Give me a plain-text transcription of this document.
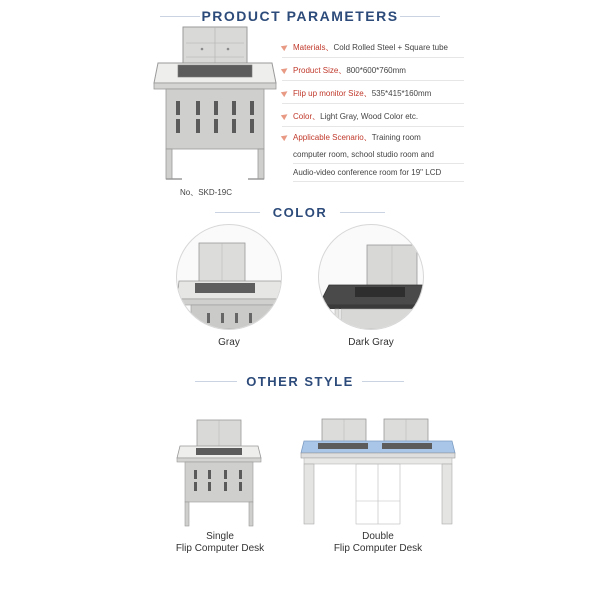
PRODUCT PARAMETERS
No、SKD-19C
Materials、Cold Rolled Steel + Square tube
Product Size、800*600*760mm
Flip up monitor Size、535*415*160mm
Color、Light Gray, Wood Color etc.
Applicable Scenario、Training room
computer room, school studio room and
Audio-video conference room for 19" LCD
COLOR
Gray	Dark Gray
OTHER STYLE
Single
Flip Computer Desk
Double
Flip Computer Desk
